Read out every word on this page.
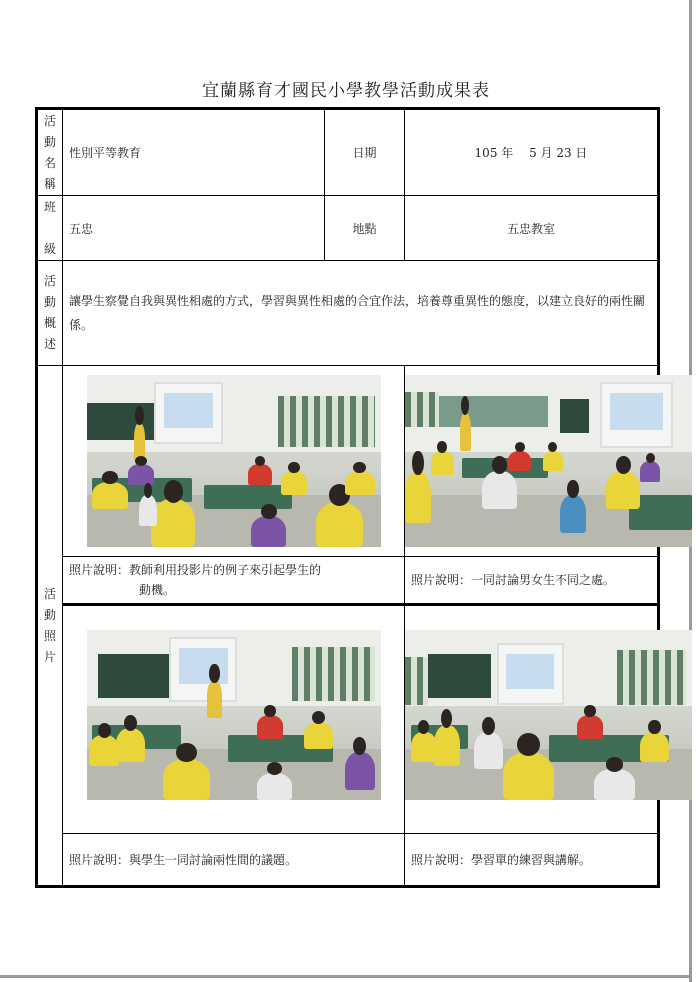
宜蘭縣育才國民小學教學活動成果表
活
動
名
稱	性別平等教育	日期	105 年　 5 月 23 日

班
級	五忠	地點	五忠教室

活
動
概
述	讓學生察覺自我與異性相處的方式，學習與異性相處的合宜作法，培養尊重異性的態度，以建立良好的兩性關係。		

活
動
照
片			

	照片說明：教師利用投影片的例子來引起學生的
動機。		照片說明：一同討論男女生不同之處。

	照片說明：與學生一同討論兩性間的議題。		照片說明：學習單的練習與講解。
